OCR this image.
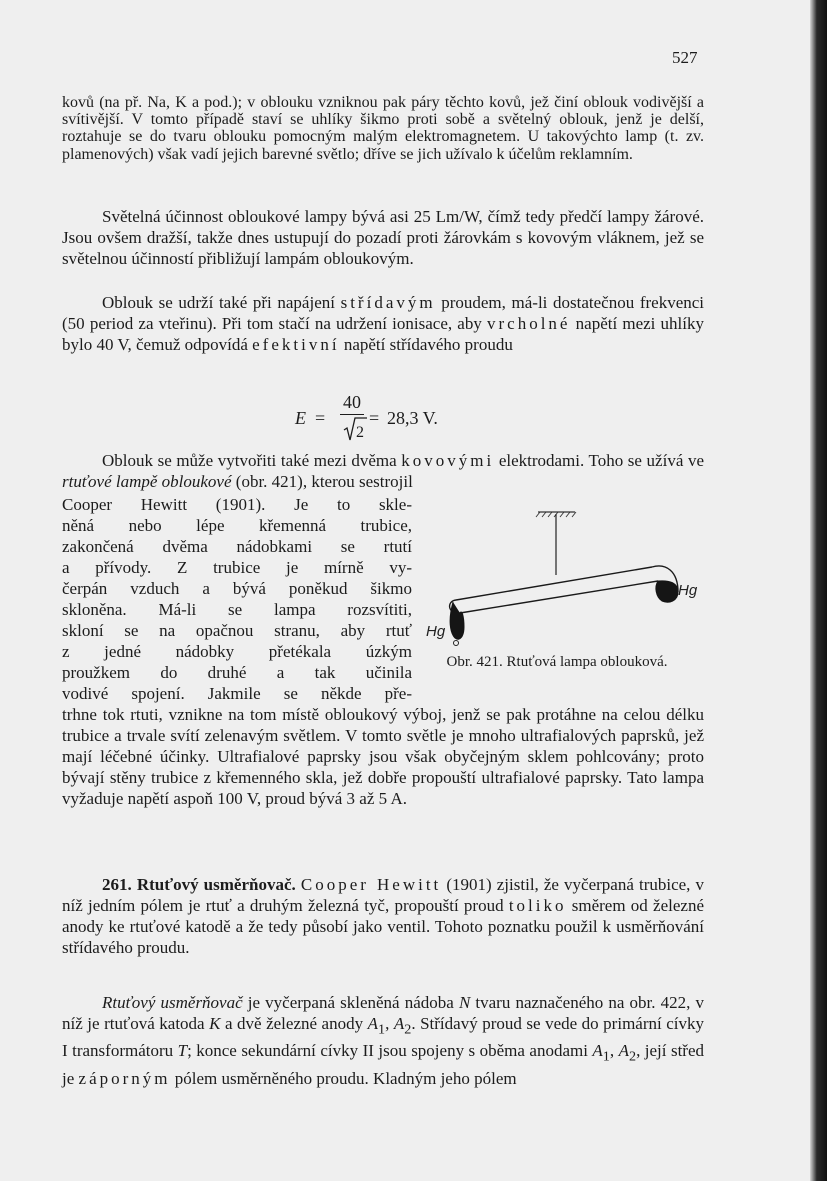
527

kovů (na př. Na, K a pod.); v oblouku vzniknou pak páry těchto kovů, jež činí oblouk vodivější a svítivější. V tomto případě staví se uhlíky šikmo proti sobě a světelný oblouk, jenž je delší, roztahuje se do tvaru oblouku pomocným malým elektromagnetem. U takovýchto lamp (t. zv. plamenových) však vadí jejich barevné světlo; dříve se jich užívalo k účelům reklamním.

Světelná účinnost obloukové lampy bývá asi 25 Lm/W, čímž tedy předčí lampy žárové. Jsou ovšem dražší, takže dnes ustupují do pozadí proti žárovkám s kovovým vláknem, jež se světelnou účinností přibližují lampám obloukovým.

Oblouk se udrží také při napájení střídavým proudem, má-li dostatečnou frekvenci (50 period za vteřinu). Při tom stačí na udržení ionisace, aby vrcholné napětí mezi uhlíky bylo 40 V, čemuž odpovídá efektivní napětí střídavého proudu

E =
40
2
= 28,3 V.

Oblouk se může vytvořiti také mezi dvěma kovovými elektrodami. Toho se užívá ve rtuťové lampě obloukové (obr. 421), kterou sestrojil

Cooper Hewitt (1901). Je to skle-
něná nebo lépe křemenná trubice,
zakončená dvěma nádobkami se rtutí
a přívody. Z trubice je mírně vy-
čerpán vzduch a bývá poněkud šikmo
skloněna. Má-li se lampa rozsvítiti,
skloní se na opačnou stranu, aby rtuť
z jedné nádobky přetékala úzkým
proužkem do druhé a tak učinila
vodivé spojení. Jakmile se někde pře-
Hg
Hg
Obr. 421. Rtuťová lampa oblouková.

trhne tok rtuti, vznikne na tom místě obloukový výboj, jenž se pak protáhne na celou délku trubice a trvale svítí zelenavým světlem. V tomto světle je mnoho ultrafialových paprsků, jež mají léčebné účinky. Ultrafialové paprsky jsou však obyčejným sklem pohlcovány; proto bývají stěny trubice z křemenného skla, jež dobře propouští ultrafialové paprsky. Tato lampa vyžaduje napětí aspoň 100 V, proud bývá 3 až 5 A.

261. Rtuťový usměrňovač. Cooper Hewitt (1901) zjistil, že vyčerpaná trubice, v níž jedním pólem je rtuť a druhým železná tyč, propouští proud toliko směrem od železné anody ke rtuťové katodě a že tedy působí jako ventil. Tohoto poznatku použil k usměrňování střídavého proudu.

Rtuťový usměrňovač je vyčerpaná skleněná nádoba N tvaru naznačeného na obr. 422, v níž je rtuťová katoda K a dvě železné anody $A_1$, $A_2$. Střídavý proud se vede do primární cívky I transformátoru T; konce sekundární cívky II jsou spojeny s oběma anodami $A_1$, $A_2$, její střed je záporným pólem usměrněného proudu. Kladným jeho pólem
